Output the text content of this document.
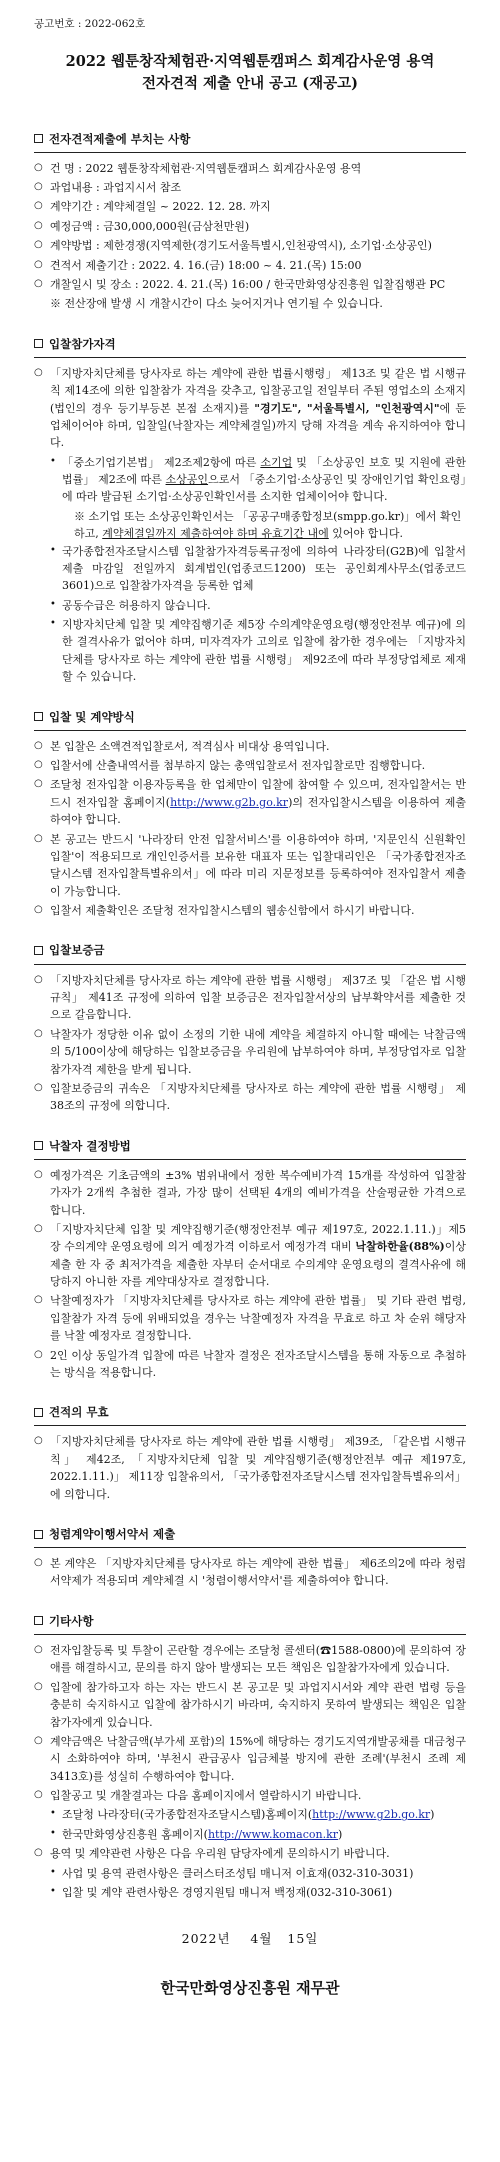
공고번호 : 2022-062호
2022 웹툰창작체험관·지역웹툰캠퍼스 회계감사운영 용역
전자견적 제출 안내 공고 (재공고)
전자견적제출에 부치는 사항
○ 건 명 : 2022 웹툰창작체험관·지역웹툰캠퍼스 회계감사운영 용역
○ 과업내용 : 과업지시서 참조
○ 계약기간 : 계약체결일 ~ 2022. 12. 28. 까지
○ 예정금액 : 금30,000,000원(금삼천만원)
○ 계약방법 : 제한경쟁(지역제한(경기도서울특별시,인천광역시), 소기업·소상공인)
○ 견적서 제출기간 : 2022. 4. 16.(금) 18:00 ~ 4. 21.(목) 15:00
○ 개찰일시 및 장소 : 2022. 4. 21.(목) 16:00 / 한국만화영상진흥원 입찰집행관 PC
※ 전산장애 발생 시 개찰시간이 다소 늦어지거나 연기될 수 있습니다.
입찰참가자격
○ 「지방자치단체를 당사자로 하는 계약에 관한 법률시행령」 제13조 및 같은 법 시행규칙 제14조에 의한 입찰참가 자격을 갖추고, 입찰공고일 전일부터 주된 영업소의 소재지(법인의 경우 등기부등본 본점 소재지)를 "경기도", "서울특별시, "인천광역시"에 둔 업체이어야 하며, 입찰일(낙찰자는 계약체결일)까지 당해 자격을 계속 유지하여야 합니다.
• 「중소기업기본법」 제2조제2항에 따른 소기업 및 「소상공인 보호 및 지원에 관한 법률」 제2조에 따른 소상공인으로서 「중소기업·소상공인 및 장애인기업 확인요령」에 따라 발급된 소기업·소상공인확인서를 소지한 업체이어야 합니다.
※ 소기업 또는 소상공인확인서는 「공공구매종합정보(smpp.go.kr)」에서 확인하고, 계약체결일까지 제출하여야 하며 유효기간 내에 있어야 합니다.
• 국가종합전자조달시스템 입찰참가자격등록규정에 의하여 나라장터(G2B)에 입찰서 제출 마감일 전일까지 회계법인(업종코드1200) 또는 공인회계사무소(업종코드3601)으로 입찰참가자격을 등록한 업체
• 공동수급은 허용하지 않습니다.
• 지방자치단체 입찰 및 계약집행기준 제5장 수의계약운영요령(행정안전부 예규)에 의한 결격사유가 없어야 하며, 미자격자가 고의로 입찰에 참가한 경우에는 「지방자치단체를 당사자로 하는 계약에 관한 법률 시행령」 제92조에 따라 부정당업체로 제재할 수 있습니다.
입찰 및 계약방식
○ 본 입찰은 소액견적입찰로서, 적격심사 비대상 용역입니다.
○ 입찰서에 산출내역서를 첨부하지 않는 총액입찰로서 전자입찰로만 집행합니다.
○ 조달청 전자입찰 이용자등록을 한 업체만이 입찰에 참여할 수 있으며, 전자입찰서는 반드시 전자입찰 홈페이지(http://www.g2b.go.kr)의 전자입찰시스템을 이용하여 제출하여야 합니다.
○ 본 공고는 반드시 '나라장터 안전 입찰서비스'를 이용하여야 하며, '지문인식 신원확인 입찰'이 적용되므로 개인인증서를 보유한 대표자 또는 입찰대리인은 「국가종합전자조달시스템 전자입찰특별유의서」에 따라 미리 지문정보를 등록하여야 전자입찰서 제출이 가능합니다.
○ 입찰서 제출확인은 조달청 전자입찰시스템의 웹송신함에서 하시기 바랍니다.
입찰보증금
○ 「지방자치단체를 당사자로 하는 계약에 관한 법률 시행령」 제37조 및 「같은 법 시행규칙」 제41조 규정에 의하여 입찰 보증금은 전자입찰서상의 납부확약서를 제출한 것으로 갈음합니다.
○ 낙찰자가 정당한 이유 없이 소정의 기한 내에 계약을 체결하지 아니할 때에는 낙찰금액의 5/100이상에 해당하는 입찰보증금을 우리원에 납부하여야 하며, 부정당업자로 입찰 참가자격 제한을 받게 됩니다.
○ 입찰보증금의 귀속은 「지방자치단체를 당사자로 하는 계약에 관한 법률 시행령」 제38조의 규정에 의합니다.
낙찰자 결정방법
○ 예정가격은 기초금액의 ±3% 범위내에서 정한 복수예비가격 15개를 작성하여 입찰참가자가 2개씩 추첨한 결과, 가장 많이 선택된 4개의 예비가격을 산술평균한 가격으로 합니다.
○ 「지방자치단체 입찰 및 계약집행기준(행정안전부 예규 제197호, 2022.1.11.)」제5장 수의계약 운영요령에 의거 예정가격 이하로서 예정가격 대비 낙찰하한율(88%)이상 제출 한 자 중 최저가격을 제출한 자부터 순서대로 수의계약 운영요령의 결격사유에 해당하지 아니한 자를 계약대상자로 결정합니다.
○ 낙찰예정자가 「지방자치단체를 당사자로 하는 계약에 관한 법률」 및 기타 관련 법령, 입찰참가 자격 등에 위배되었을 경우는 낙찰예정자 자격을 무효로 하고 차 순위 해당자를 낙찰 예정자로 결정합니다.
○ 2인 이상 동일가격 입찰에 따른 낙찰자 결정은 전자조달시스템을 통해 자동으로 추첨하는 방식을 적용합니다.
견적의 무효
○ 「지방자치단체를 당사자로 하는 계약에 관한 법률 시행령」 제39조, 「같은법 시행규칙」 제42조, 「지방자치단체 입찰 및 계약집행기준(행정안전부 예규 제197호, 2022.1.11.)」 제11장 입찰유의서, 「국가종합전자조달시스템 전자입찰특별유의서」에 의합니다.
청렴계약이행서약서 제출
○ 본 계약은 「지방자치단체를 당사자로 하는 계약에 관한 법률」 제6조의2에 따라 청렴서약제가 적용되며 계약체결 시 '청렴이행서약서'를 제출하여야 합니다.
기타사항
○ 전자입찰등록 및 투찰이 곤란할 경우에는 조달청 콜센터(☎1588-0800)에 문의하여 장애를 해결하시고, 문의를 하지 않아 발생되는 모든 책임은 입찰참가자에게 있습니다.
○ 입찰에 참가하고자 하는 자는 반드시 본 공고문 및 과업지시서와 계약 관련 법령 등을 충분히 숙지하시고 입찰에 참가하시기 바라며, 숙지하지 못하여 발생되는 책임은 입찰참가자에게 있습니다.
○ 계약금액은 낙찰금액(부가세 포함)의 15%에 해당하는 경기도지역개발공채를 대금청구 시 소화하여야 하며, '부천시 관급공사 입금체불 방지에 관한 조례'(부천시 조례 제3413호)를 성실히 수행하여야 합니다.
○ 입찰공고 및 개찰결과는 다음 홈페이지에서 열람하시기 바랍니다.
• 조달청 나라장터(국가종합전자조달시스템)홈페이지(http://www.g2b.go.kr)
• 한국만화영상진흥원 홈페이지(http://www.komacon.kr)
○ 용역 및 계약관련 사항은 다음 우리원 담당자에게 문의하시기 바랍니다.
• 사업 및 용역 관련사항은 클러스터조성팀 매니저 이효재(032-310-3031)
• 입찰 및 계약 관련사항은 경영지원팀 매니저 백정재(032-310-3061)
2022년    4월   15일
한국만화영상진흥원 재무관
